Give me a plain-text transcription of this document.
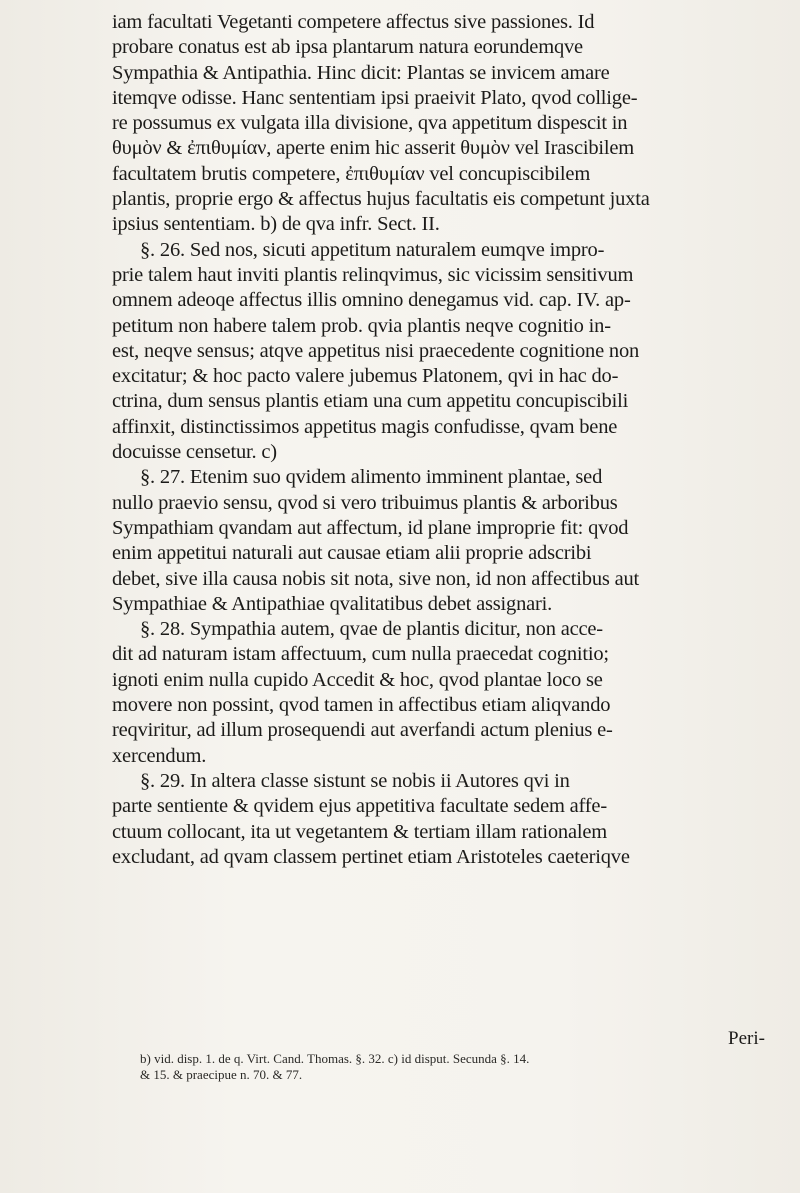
iam facultati Vegetanti competere affectus sive passiones. Id
probare conatus est ab ipsa plantarum natura eorundemqve
Sympathia & Antipathia. Hinc dicit: Plantas se invicem amare
itemqve odisse. Hanc sententiam ipsi praeivit Plato, qvod collige-
re possumus ex vulgata illa divisione, qva appetitum dispescit in
θυμὸν & ἐπιθυμίαν, aperte enim hic asserit θυμὸν vel Irascibilem
facultatem brutis competere, ἐπιθυμίαν vel concupiscibilem
plantis, proprie ergo & affectus hujus facultatis eis competunt juxta
ipsius sententiam. b) de qva infr. Sect. II.
§. 26. Sed nos, sicuti appetitum naturalem eumqve impro-
prie talem haut inviti plantis relinqvimus, sic vicissim sensitivum
omnem adeoqe affectus illis omnino denegamus vid. cap. IV. ap-
petitum non habere talem prob. qvia plantis neqve cognitio in-
est, neqve sensus; atqve appetitus nisi praecedente cognitione non
excitatur; & hoc pacto valere jubemus Platonem, qvi in hac do-
ctrina, dum sensus plantis etiam una cum appetitu concupiscibili
affinxit, distinctissimos appetitus magis confudisse, qvam bene
docuisse censetur. c)
§. 27. Etenim suo qvidem alimento imminent plantae, sed
nullo praevio sensu, qvod si vero tribuimus plantis & arboribus
Sympathiam qvandam aut affectum, id plane improprie fit: qvod
enim appetitui naturali aut causae etiam alii proprie adscribi
debet, sive illa causa nobis sit nota, sive non, id non affectibus aut
Sympathiae & Antipathiae qvalitatibus debet assignari.
§. 28. Sympathia autem, qvae de plantis dicitur, non acce-
dit ad naturam istam affectuum, cum nulla praecedat cognitio;
ignoti enim nulla cupido Accedit & hoc, qvod plantae loco se
movere non possint, qvod tamen in affectibus etiam aliqvando
reqviritur, ad illum prosequendi aut averfandi actum plenius e-
xercendum.
§. 29. In altera classe sistunt se nobis ii Autores qvi in
parte sentiente & qvidem ejus appetitiva facultate sedem affe-
ctuum collocant, ita ut vegetantem & tertiam illam rationalem
excludant, ad qvam classem pertinet etiam Aristoteles caeteriqve
Peri-
b) vid. disp. 1. de q. Virt. Cand. Thomas. §. 32. c) id disput. Secunda §. 14.
& 15. & praecipue n. 70. & 77.
